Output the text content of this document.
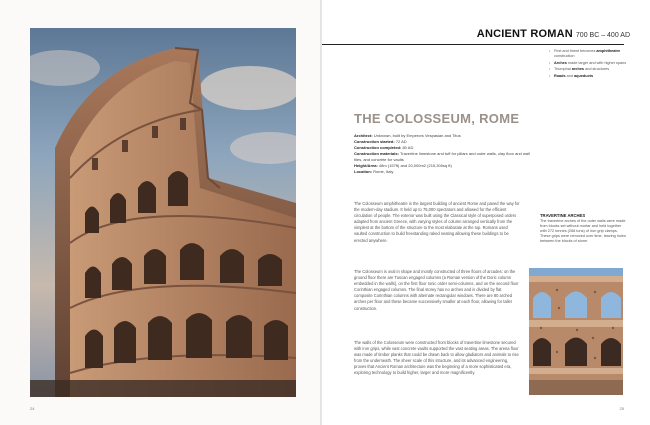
24
ANCIENT ROMAN 700 BC – 400 AD
• First and finest becomes amphitheatre construction
• Arches made larger and with higher spans
• Triumphal arches and structures
• Roads and aqueducts
THE COLOSSEUM, ROME
Architect: Unknown, built by Emperors Vespasian and Titus
Construction started: 72 AD
Construction completed: 80 AD
Construction materials: Travertine limestone and tuff for pillars and outer walls, clay floor and wall tiles, and concrete for vaults
Height/Area: 48m (157ft) and 20,000m2 (215,300sq ft)
Location: Rome, Italy

The Colosseum amphitheatre is the largest building of ancient Rome and paved the way for the modern-day stadium. It held up to 75,000 spectators and allowed for the efficient circulation of people. The exterior was built using the Classical style of superposed orders adapted from ancient Greece, with varying styles of column arranged vertically from the simplest at the bottom of the structure to the most elaborate at the top. Romans used vaulted construction to build freestanding raked seating allowing these buildings to be erected anywhere.

The Colosseum is oval in shape and mostly constructed of three floors of arcades: on the ground floor there are Tuscan engaged columns (a Roman version of the Doric column embedded in the walls), on the first floor Ionic order semi-columns, and on the second floor Corinthian engaged columns. The final storey has no arches and is divided by flat composite Corinthian columns with alternate rectangular windows. There are 80 arched arches per floor and these became successively smaller at each floor, allowing for taller construction.

The walls of the Colosseum were constructed from blocks of travertine limestone secured with iron grips, while vast concrete vaults supported the vast seating areas. The arena floor was made of timber planks that could be drawn back to allow gladiators and animals to rise from the underneath. The sheer scale of this structure, and its advanced engineering, proves that Ancient Roman architecture was the beginning of a more sophisticated era, exploring technology to build higher, larger and more magnificently.

TRAVERTINE ARCHES
The travertine arches of the outer walls were made from blocks set without mortar and held together with 272 tonnes (268 tons) of iron grip clamps. These grips were removed over time, leaving holes between the blocks of stone.
25
